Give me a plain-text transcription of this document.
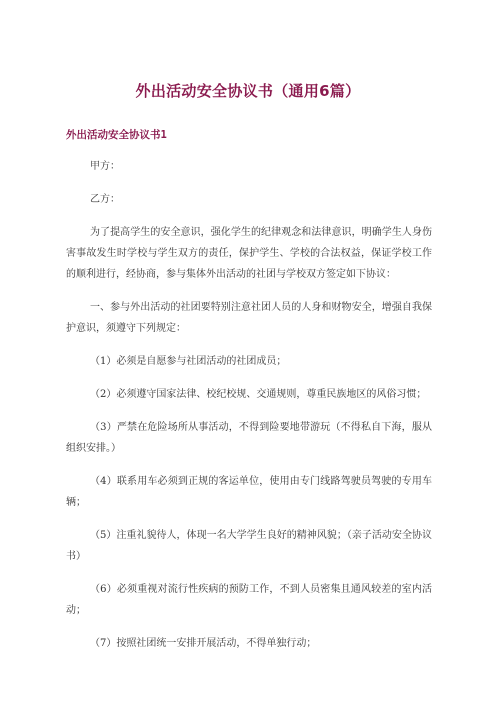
外出活动安全协议书（通用6篇）
外出活动安全协议书1

甲方：

乙方：

为了提高学生的安全意识，强化学生的纪律观念和法律意识，明确学生人身伤害事故发生时学校与学生双方的责任，保护学生、学校的合法权益，保证学校工作的顺利进行，经协商，参与集体外出活动的社团与学校双方签定如下协议：

一、参与外出活动的社团要特别注意社团人员的人身和财物安全，增强自我保护意识，须遵守下列规定：

（1）必须是自愿参与社团活动的社团成员；

（2）必须遵守国家法律、校纪校规、交通规则，尊重民族地区的风俗习惯；

（3）严禁在危险场所从事活动，不得到险要地带游玩（不得私自下海，服从组织安排。）

（4）联系用车必须到正规的客运单位，使用由专门线路驾驶员驾驶的专用车辆；

（5）注重礼貌待人，体现一名大学学生良好的精神风貌；（亲子活动安全协议书）

（6）必须重视对流行性疾病的预防工作，不到人员密集且通风较差的室内活动；

（7）按照社团统一安排开展活动，不得单独行动；
